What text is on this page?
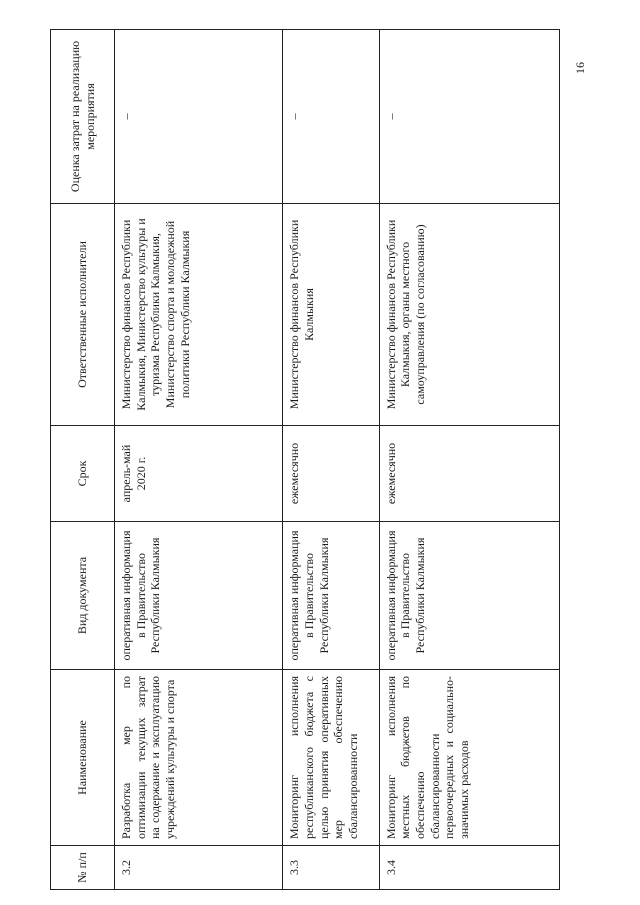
16
№ п/п	Наименование	Вид документа	Срок	Ответственные исполнители	Оценка затрат на реализацию мероприятия
3.2	Разработка мер по оптимизации текущих затрат на содержание и эксплуатацию учреждений культуры и спорта	оперативная информация в Правительство Республики Калмыкия	апрель-май 2020 г.	Министерство финансов Республики Калмыкия, Министерство культуры и туризма Республики Калмыкия, Министерство спорта и молодежной политики Республики Калмыкия	–
3.3	Мониторинг исполнения республиканского бюджета с целью принятия оперативных мер обеспечению сбалансированности	оперативная информация в Правительство Республики Калмыкия	ежемесячно	Министерство финансов Республики Калмыкия	–
3.4	Мониторинг исполнения местных бюджетов по обеспечению сбалансированности первоочередных и социально-значимых расходов	оперативная информация в Правительство Республики Калмыкия	ежемесячно	Министерство финансов Республики Калмыкия, органы местного самоуправления (по согласованию)	–
